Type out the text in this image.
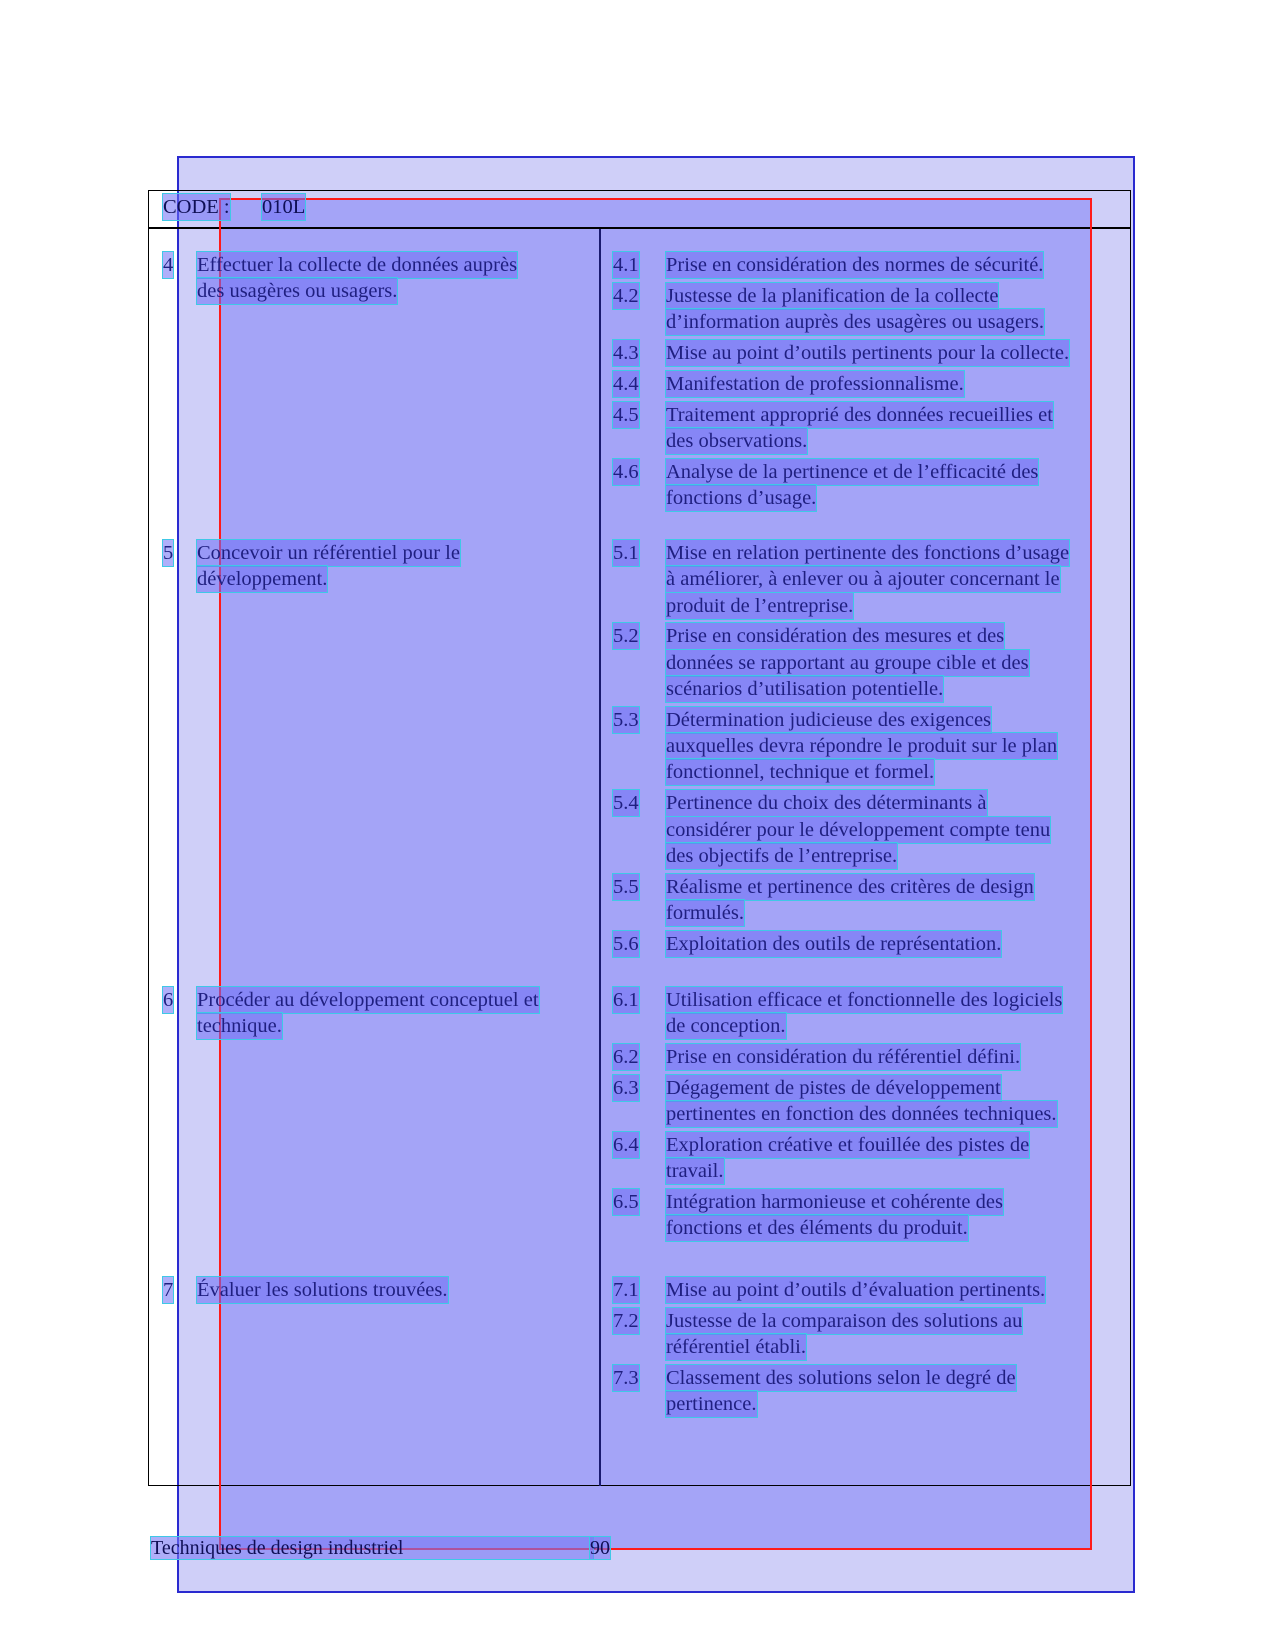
CODE : 010L
4 Effectuer la collecte de données auprès
des usagères ou usagers.
4.1 Prise en considération des normes de sécurité.
4.2 Justesse de la planification de la collecte
d’information auprès des usagères ou usagers.
4.3 Mise au point d’outils pertinents pour la collecte.
4.4 Manifestation de professionnalisme.
4.5 Traitement approprié des données recueillies et
des observations.
4.6 Analyse de la pertinence et de l’efficacité des
fonctions d’usage.
5 Concevoir un référentiel pour le
développement.
5.1 Mise en relation pertinente des fonctions d’usage
à améliorer, à enlever ou à ajouter concernant le
produit de l’entreprise.
5.2 Prise en considération des mesures et des
données se rapportant au groupe cible et des
scénarios d’utilisation potentielle.
5.3 Détermination judicieuse des exigences
auxquelles devra répondre le produit sur le plan
fonctionnel, technique et formel.
5.4 Pertinence du choix des déterminants à
considérer pour le développement compte tenu
des objectifs de l’entreprise.
5.5 Réalisme et pertinence des critères de design
formulés.
5.6 Exploitation des outils de représentation.
6 Procéder au développement conceptuel et
technique.
6.1 Utilisation efficace et fonctionnelle des logiciels
de conception.
6.2 Prise en considération du référentiel défini.
6.3 Dégagement de pistes de développement
pertinentes en fonction des données techniques.
6.4 Exploration créative et fouillée des pistes de
travail.
6.5 Intégration harmonieuse et cohérente des
fonctions et des éléments du produit.
7 Évaluer les solutions trouvées.	7.1 Mise au point d’outils d’évaluation pertinents.
7.2 Justesse de la comparaison des solutions au
référentiel établi.
7.3 Classement des solutions selon le degré de
pertinence.
Techniques de design industriel	90
